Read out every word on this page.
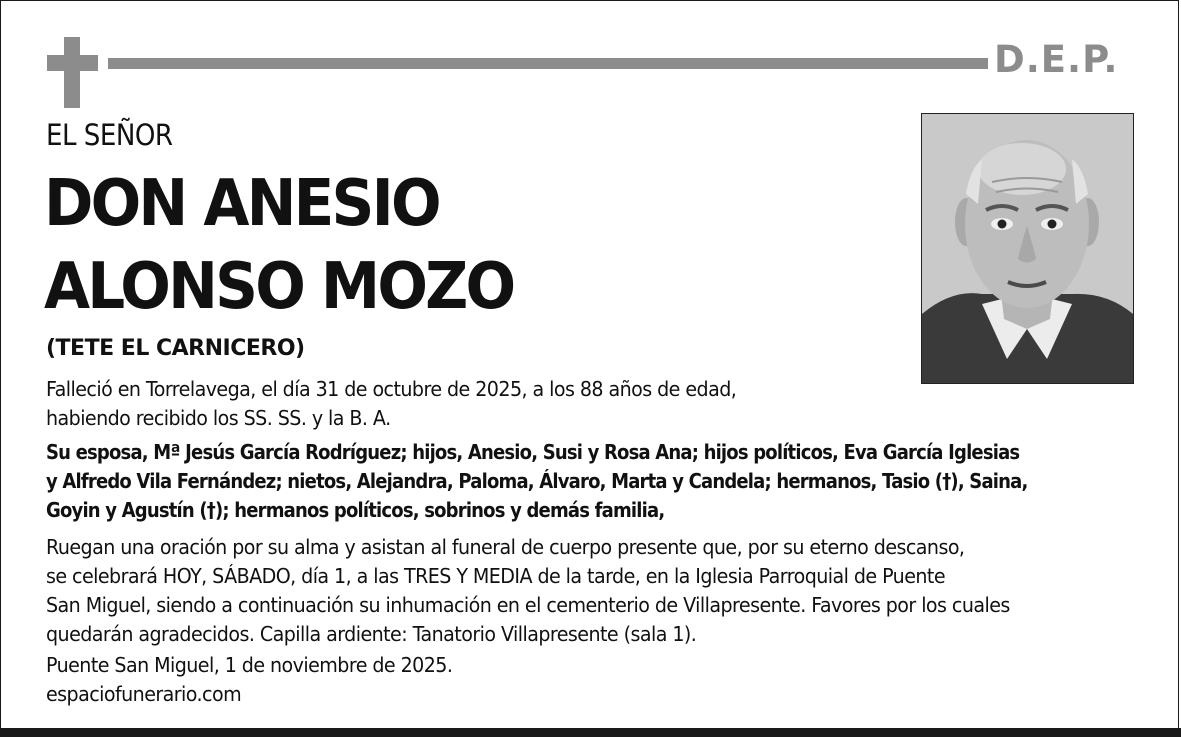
D.E.P.
EL SEÑOR
DON ANESIO
ALONSO MOZO
(TETE EL CARNICERO)
Falleció en Torrelavega, el día 31 de octubre de 2025, a los 88 años de edad,
habiendo recibido los SS. SS. y la B. A.
Su esposa, Mª Jesús García Rodríguez; hijos, Anesio, Susi y Rosa Ana; hijos políticos, Eva García Iglesias
y Alfredo Vila Fernández; nietos, Alejandra, Paloma, Álvaro, Marta y Candela; hermanos, Tasio (†), Saina,
Goyin y Agustín (†); hermanos políticos, sobrinos y demás familia,
Ruegan una oración por su alma y asistan al funeral de cuerpo presente que, por su eterno descanso,
se celebrará HOY, SÁBADO, día 1, a las TRES Y MEDIA de la tarde, en la Iglesia Parroquial de Puente
San Miguel, siendo a continuación su inhumación en el cementerio de Villapresente. Favores por los cuales
quedarán agradecidos. Capilla ardiente: Tanatorio Villapresente (sala 1).
Puente San Miguel, 1 de noviembre de 2025.
espaciofunerario.com
